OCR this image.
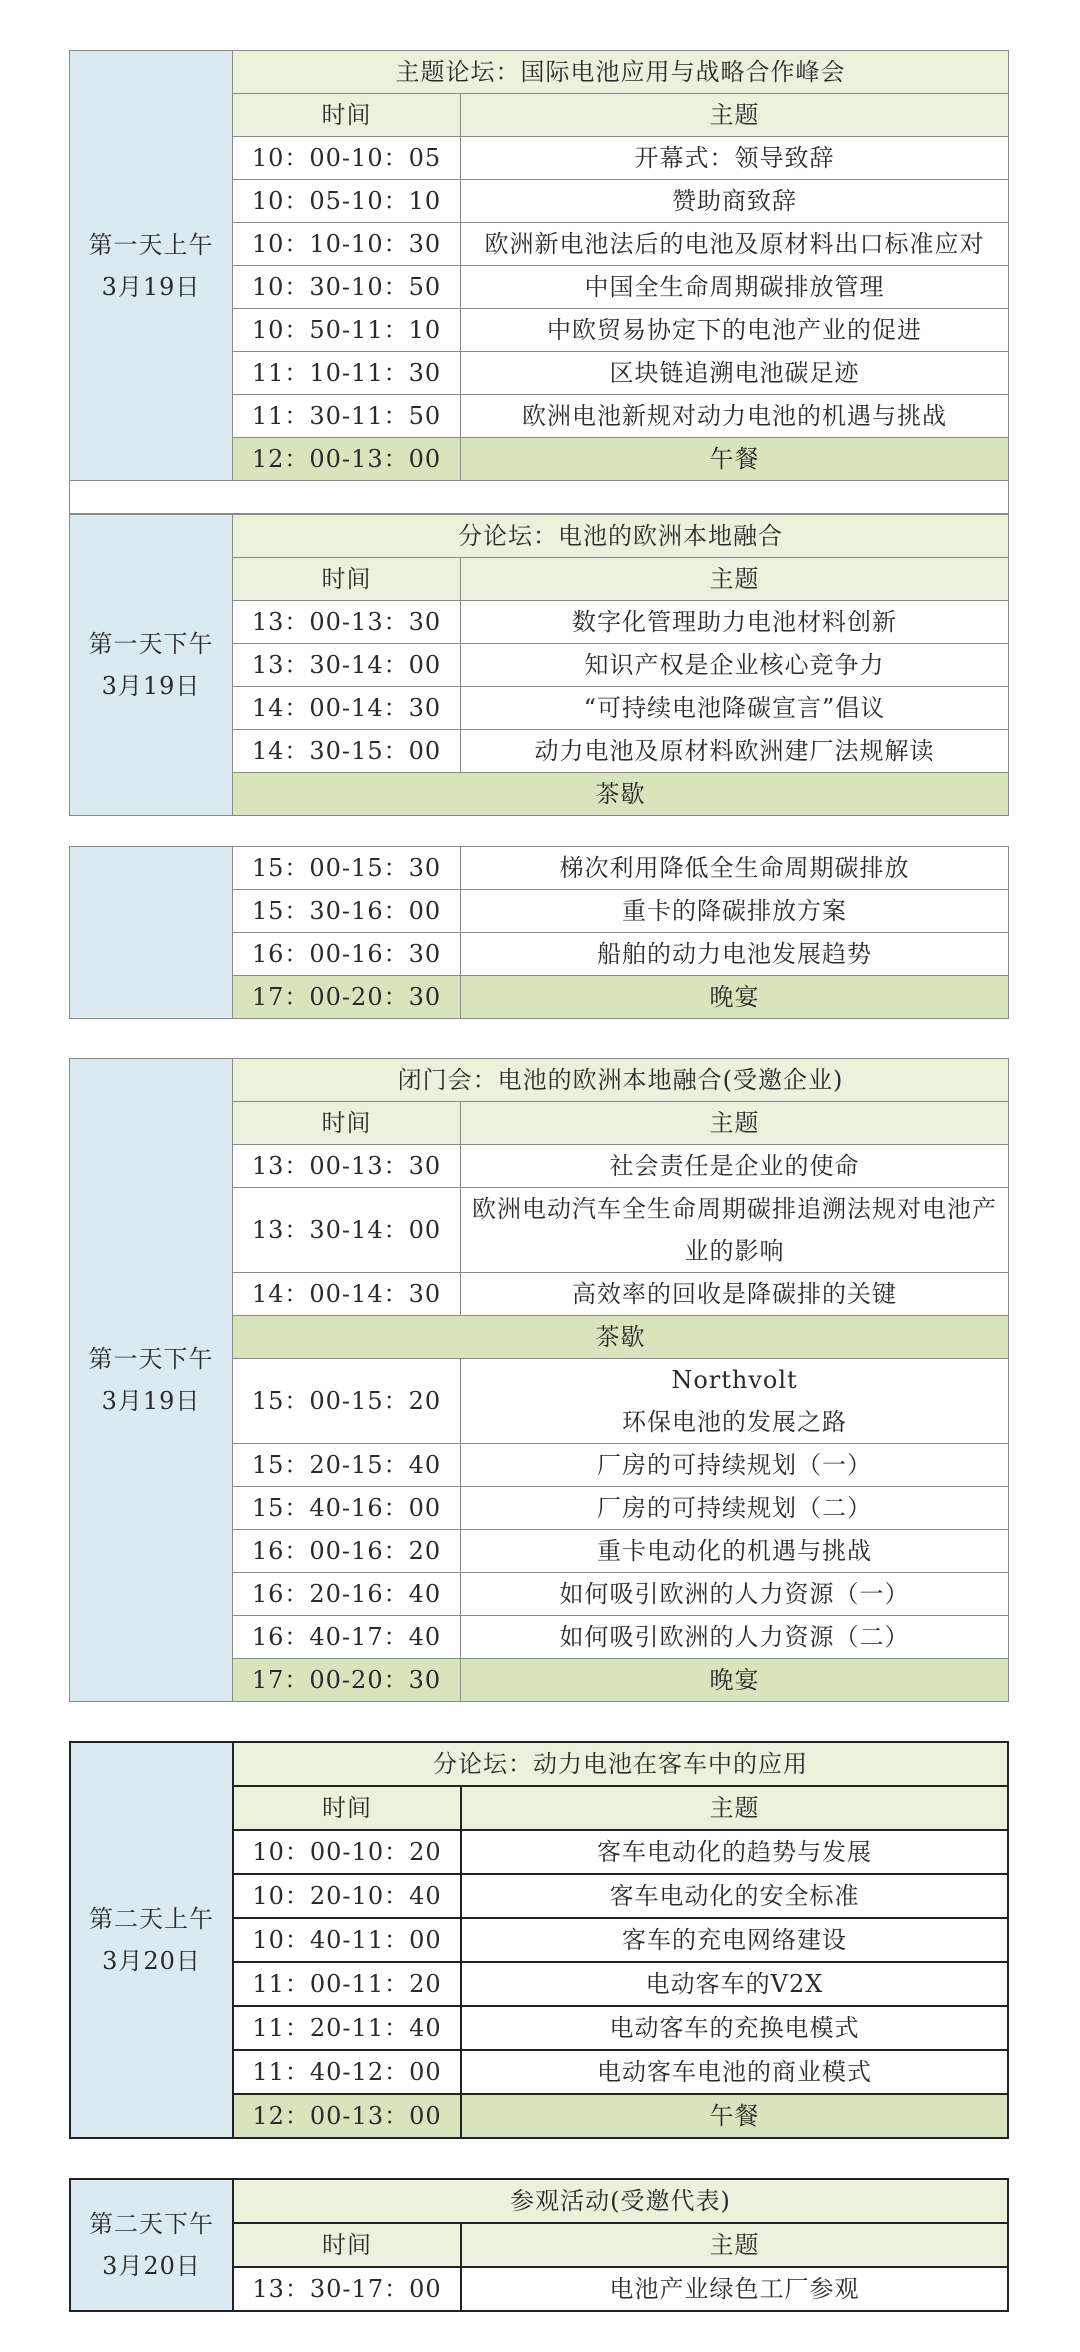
第一天上午
3月19日	主题论坛：国际电池应用与战略合作峰会	
	时间	主题
	10：00-10：05	开幕式：领导致辞
	10：05-10：10	赞助商致辞
	10：10-10：30	欧洲新电池法后的电池及原材料出口标准应对
	10：30-10：50	中国全生命周期碳排放管理
	10：50-11：10	中欧贸易协定下的电池产业的促进
	11：10-11：30	区块链追溯电池碳足迹
	11：30-11：50	欧洲电池新规对动力电池的机遇与挑战
	12：00-13：00	午餐
第一天下午
3月19日	分论坛：电池的欧洲本地融合	
	时间	主题
	13：00-13：30	数字化管理助力电池材料创新
	13：30-14：00	知识产权是企业核心竞争力
	14：00-14：30	“可持续电池降碳宣言”倡议
	14：30-15：00	动力电池及原材料欧洲建厂法规解读
	茶歇	
	15：00-15：30	梯次利用降低全生命周期碳排放
	15：30-16：00	重卡的降碳排放方案
	16：00-16：30	船舶的动力电池发展趋势
	17：00-20：30	晚宴
第一天下午
3月19日	闭门会：电池的欧洲本地融合(受邀企业)	
	时间	主题
	13：00-13：30	社会责任是企业的使命
	13：30-14：00	欧洲电动汽车全生命周期碳排追溯法规对电池产业的影响
	14：00-14：30	高效率的回收是降碳排的关键
	茶歇	
	15：00-15：20	Northvolt
环保电池的发展之路

	15：20-15：40	厂房的可持续规划（一）
	15：40-16：00	厂房的可持续规划（二）
	16：00-16：20	重卡电动化的机遇与挑战
	16：20-16：40	如何吸引欧洲的人力资源（一）
	16：40-17：40	如何吸引欧洲的人力资源（二）
	17：00-20：30	晚宴
第二天上午
3月20日	分论坛：动力电池在客车中的应用	
	时间	主题
	10：00-10：20	客车电动化的趋势与发展
	10：20-10：40	客车电动化的安全标准
	10：40-11：00	客车的充电网络建设
	11：00-11：20	电动客车的V2X
	11：20-11：40	电动客车的充换电模式
	11：40-12：00	电动客车电池的商业模式
	12：00-13：00	午餐
第二天下午
3月20日	参观活动(受邀代表)	
	时间	主题
	13：30-17：00	电池产业绿色工厂参观
